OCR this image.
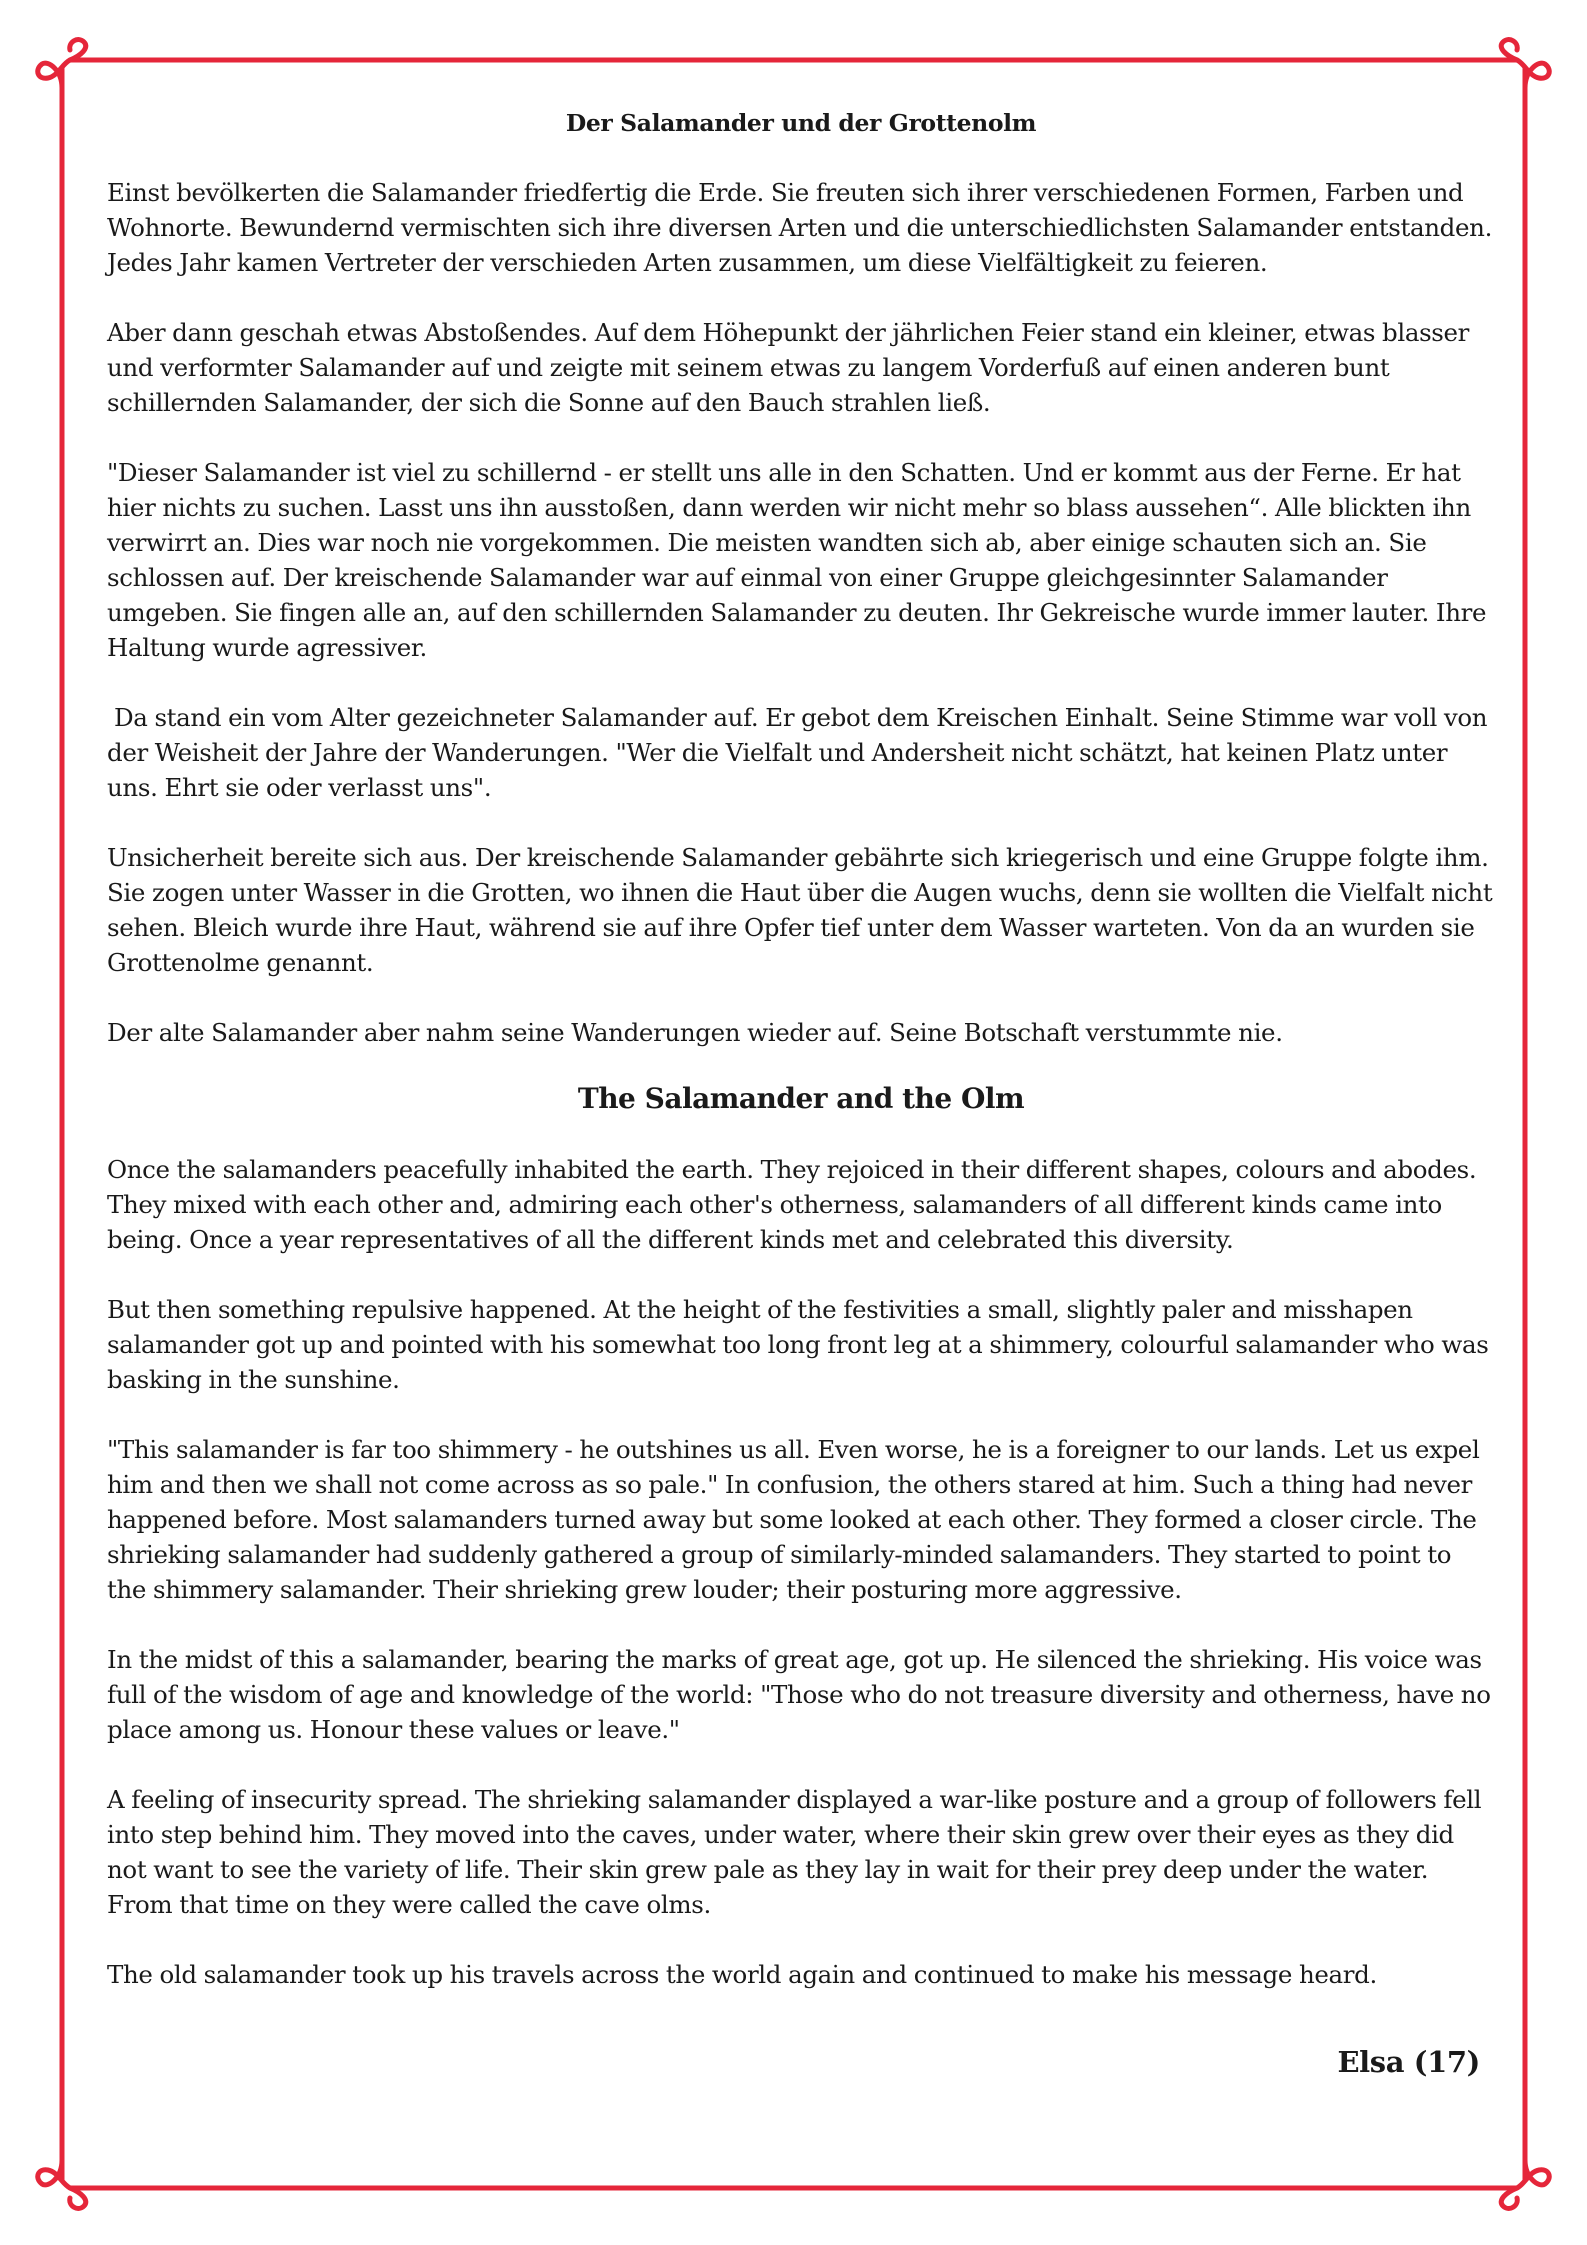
Der Salamander und der Grottenolm

Einst bevölkerten die Salamander friedfertig die Erde. Sie freuten sich ihrer verschiedenen Formen, Farben und Wohnorte. Bewundernd vermischten sich ihre diversen Arten und die unterschiedlichsten Salamander entstanden. Jedes Jahr kamen Vertreter der verschieden Arten zusammen, um diese Vielfältigkeit zu feieren.

Aber dann geschah etwas Abstoßendes. Auf dem Höhepunkt der jährlichen Feier stand ein kleiner, etwas blasser und verformter Salamander auf und zeigte mit seinem etwas zu langem Vorderfuß auf einen anderen bunt schillernden Salamander, der sich die Sonne auf den Bauch strahlen ließ.

"Dieser Salamander ist viel zu schillernd - er stellt uns alle in den Schatten. Und er kommt aus der Ferne. Er hat hier nichts zu suchen. Lasst uns ihn ausstoßen, dann werden wir nicht mehr so blass aussehen“. Alle blickten ihn verwirrt an. Dies war noch nie vorgekommen. Die meisten wandten sich ab, aber einige schauten sich an. Sie schlossen auf. Der kreischende Salamander war auf einmal von einer Gruppe gleichgesinnter Salamander umgeben. Sie fingen alle an, auf den schillernden Salamander zu deuten. Ihr Gekreische wurde immer lauter. Ihre Haltung wurde agressiver.

Da stand ein vom Alter gezeichneter Salamander auf. Er gebot dem Kreischen Einhalt. Seine Stimme war voll von der Weisheit der Jahre der Wanderungen. "Wer die Vielfalt und Andersheit nicht schätzt, hat keinen Platz unter uns. Ehrt sie oder verlasst uns".

Unsicherheit bereite sich aus. Der kreischende Salamander gebährte sich kriegerisch und eine Gruppe folgte ihm. Sie zogen unter Wasser in die Grotten, wo ihnen die Haut über die Augen wuchs, denn sie wollten die Vielfalt nicht sehen. Bleich wurde ihre Haut, während sie auf ihre Opfer tief unter dem Wasser warteten. Von da an wurden sie Grottenolme genannt.

Der alte Salamander aber nahm seine Wanderungen wieder auf. Seine Botschaft verstummte nie.

The Salamander and the Olm

Once the salamanders peacefully inhabited the earth. They rejoiced in their different shapes, colours and abodes. They mixed with each other and, admiring each other's otherness, salamanders of all different kinds came into being. Once a year representatives of all the different kinds met and celebrated this diversity.

But then something repulsive happened. At the height of the festivities a small, slightly paler and misshapen salamander got up and pointed with his somewhat too long front leg at a shimmery, colourful salamander who was basking in the sunshine.

"This salamander is far too shimmery - he outshines us all. Even worse, he is a foreigner to our lands. Let us expel him and then we shall not come across as so pale." In confusion, the others stared at him. Such a thing had never happened before. Most salamanders turned away but some looked at each other. They formed a closer circle. The shrieking salamander had suddenly gathered a group of similarly-minded salamanders. They started to point to the shimmery salamander. Their shrieking grew louder; their posturing more aggressive.

In the midst of this a salamander, bearing the marks of great age, got up. He silenced the shrieking. His voice was full of the wisdom of age and knowledge of the world: "Those who do not treasure diversity and otherness, have no place among us. Honour these values or leave."

A feeling of insecurity spread. The shrieking salamander displayed a war-like posture and a group of followers fell into step behind him. They moved into the caves, under water, where their skin grew over their eyes as they did not want to see the variety of life. Their skin grew pale as they lay in wait for their prey deep under the water. From that time on they were called the cave olms.

The old salamander took up his travels across the world again and continued to make his message heard.

Elsa (17)
